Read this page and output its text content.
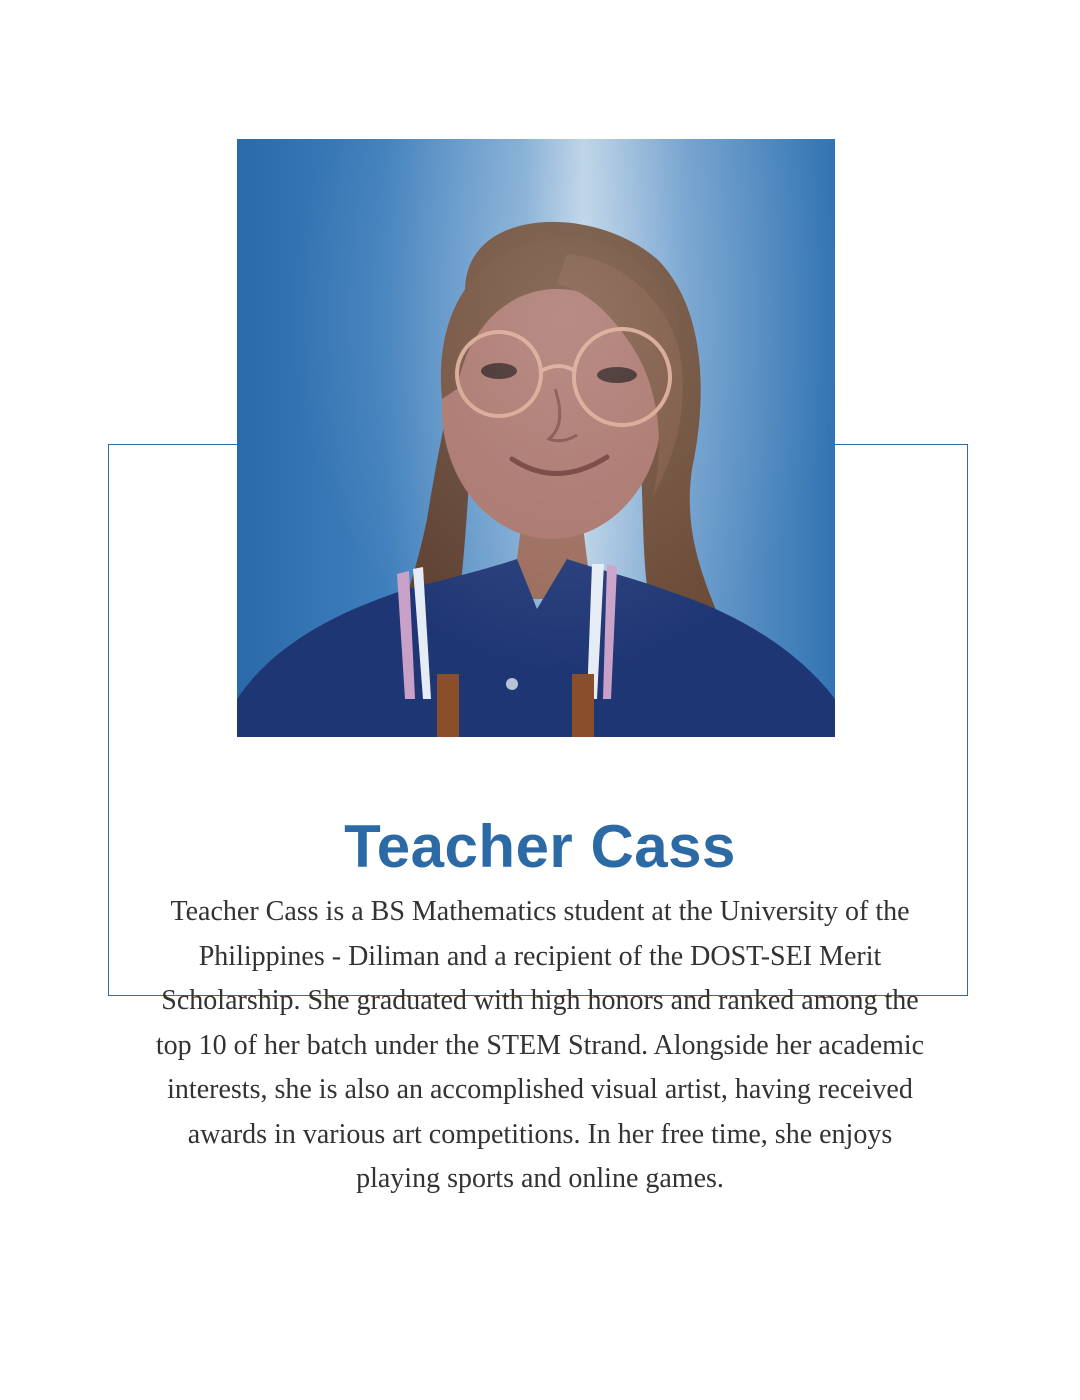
Teacher Cass

Teacher Cass is a BS Mathematics student at the University of the Philippines - Diliman and a recipient of the DOST-SEI Merit Scholarship. She graduated with high honors and ranked among the top 10 of her batch under the STEM Strand. Alongside her academic interests, she is also an accomplished visual artist, having received awards in various art competitions. In her free time, she enjoys playing sports and online games.
